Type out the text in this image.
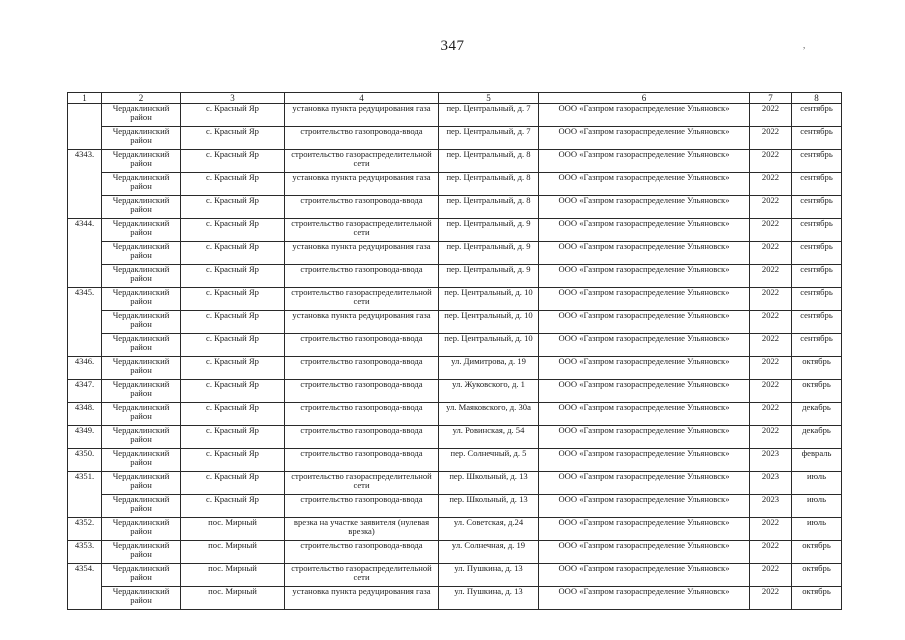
347
1	2	3	4	5	6	7	8
	Чердаклинский район	с. Красный Яр	установка пункта редуцирования газа	пер. Центральный, д. 7	ООО «Газпром газораспределение Ульяновск»	2022	сентябрь
	Чердаклинский район	с. Красный Яр	строительство газопровода-ввода	пер. Центральный, д. 7	ООО «Газпром газораспределение Ульяновск»	2022	сентябрь
4343.	Чердаклинский район	с. Красный Яр	строительство газораспределительной сети	пер. Центральный, д. 8	ООО «Газпром газораспределение Ульяновск»	2022	сентябрь
	Чердаклинский район	с. Красный Яр	установка пункта редуцирования газа	пер. Центральный, д. 8	ООО «Газпром газораспределение Ульяновск»	2022	сентябрь
	Чердаклинский район	с. Красный Яр	строительство газопровода-ввода	пер. Центральный, д. 8	ООО «Газпром газораспределение Ульяновск»	2022	сентябрь
4344.	Чердаклинский район	с. Красный Яр	строительство газораспределительной сети	пер. Центральный, д. 9	ООО «Газпром газораспределение Ульяновск»	2022	сентябрь
	Чердаклинский район	с. Красный Яр	установка пункта редуцирования газа	пер. Центральный, д. 9	ООО «Газпром газораспределение Ульяновск»	2022	сентябрь
	Чердаклинский район	с. Красный Яр	строительство газопровода-ввода	пер. Центральный, д. 9	ООО «Газпром газораспределение Ульяновск»	2022	сентябрь
4345.	Чердаклинский район	с. Красный Яр	строительство газораспределительной сети	пер. Центральный, д. 10	ООО «Газпром газораспределение Ульяновск»	2022	сентябрь
	Чердаклинский район	с. Красный Яр	установка пункта редуцирования газа	пер. Центральный, д. 10	ООО «Газпром газораспределение Ульяновск»	2022	сентябрь
	Чердаклинский район	с. Красный Яр	строительство газопровода-ввода	пер. Центральный, д. 10	ООО «Газпром газораспределение Ульяновск»	2022	сентябрь
4346.	Чердаклинский район	с. Красный Яр	строительство газопровода-ввода	ул. Димитрова, д. 19	ООО «Газпром газораспределение Ульяновск»	2022	октябрь
4347.	Чердаклинский район	с. Красный Яр	строительство газопровода-ввода	ул. Жуковского, д. 1	ООО «Газпром газораспределение Ульяновск»	2022	октябрь
4348.	Чердаклинский район	с. Красный Яр	строительство газопровода-ввода	ул. Маяковского, д. 30а	ООО «Газпром газораспределение Ульяновск»	2022	декабрь
4349.	Чердаклинский район	с. Красный Яр	строительство газопровода-ввода	ул. Ровинская, д. 54	ООО «Газпром газораспределение Ульяновск»	2022	декабрь
4350.	Чердаклинский район	с. Красный Яр	строительство газопровода-ввода	пер. Солнечный, д. 5	ООО «Газпром газораспределение Ульяновск»	2023	февраль
4351.	Чердаклинский район	с. Красный Яр	строительство газораспределительной сети	пер. Школьный, д. 13	ООО «Газпром газораспределение Ульяновск»	2023	июль
	Чердаклинский район	с. Красный Яр	строительство газопровода-ввода	пер. Школьный, д. 13	ООО «Газпром газораспределение Ульяновск»	2023	июль
4352.	Чердаклинский район	пос. Мирный	врезка на участке заявителя (нулевая врезка)	ул. Советская, д.24	ООО «Газпром газораспределение Ульяновск»	2022	июль
4353.	Чердаклинский район	пос. Мирный	строительство газопровода-ввода	ул. Солнечная, д. 19	ООО «Газпром газораспределение Ульяновск»	2022	октябрь
4354.	Чердаклинский район	пос. Мирный	строительство газораспределительной сети	ул. Пушкина, д. 13	ООО «Газпром газораспределение Ульяновск»	2022	октябрь
	Чердаклинский район	пос. Мирный	установка пункта редуцирования газа	ул. Пушкина, д. 13	ООО «Газпром газораспределение Ульяновск»	2022	октябрь
,
